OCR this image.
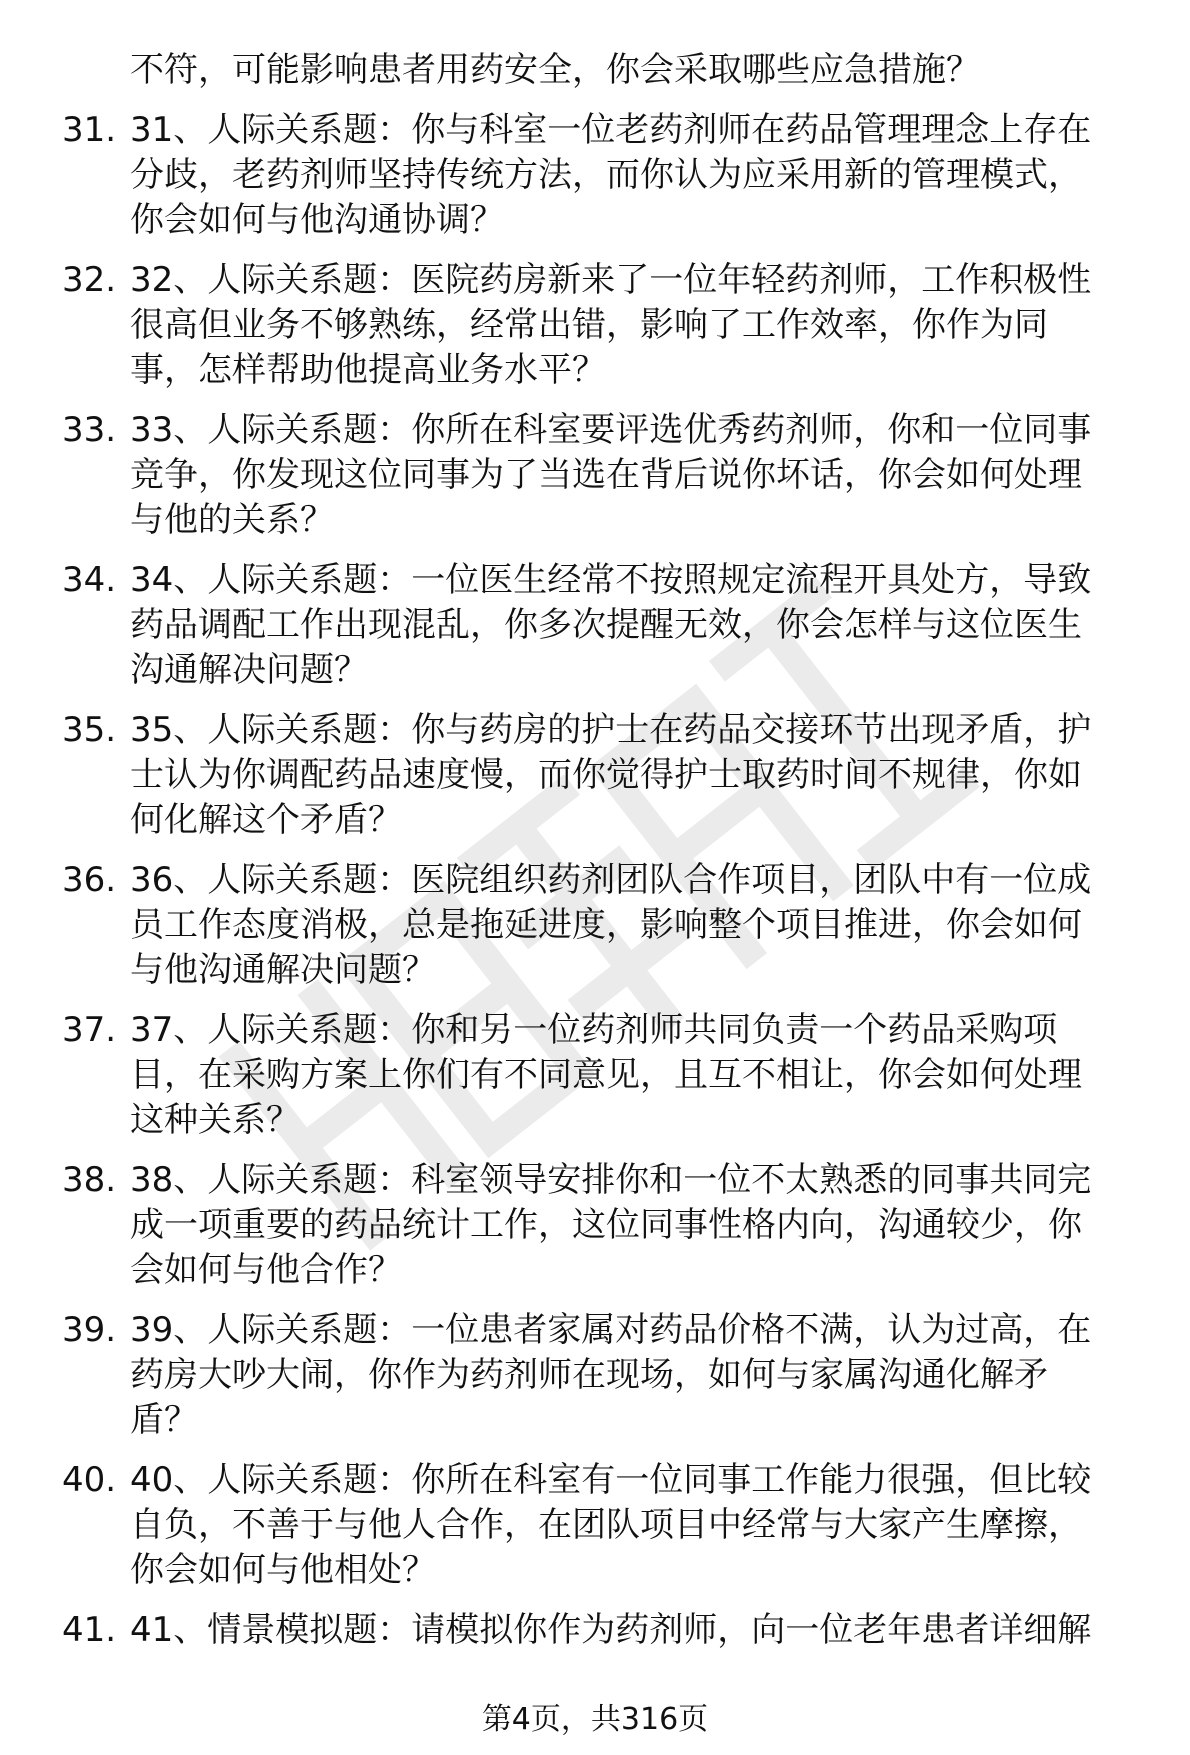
不符，可能影响患者用药安全，你会采取哪些应急措施？
31. 31、人际关系题：你与科室一位老药剂师在药品管理理念上存在
分歧，老药剂师坚持传统方法，而你认为应采用新的管理模式，
你会如何与他沟通协调？
32. 32、人际关系题：医院药房新来了一位年轻药剂师，工作积极性
很高但业务不够熟练，经常出错，影响了工作效率，你作为同
事，怎样帮助他提高业务水平？
33. 33、人际关系题：你所在科室要评选优秀药剂师，你和一位同事
竞争，你发现这位同事为了当选在背后说你坏话，你会如何处理
与他的关系？
34. 34、人际关系题：一位医生经常不按照规定流程开具处方，导致
药品调配工作出现混乱，你多次提醒无效，你会怎样与这位医生
沟通解决问题？
35. 35、人际关系题：你与药房的护士在药品交接环节出现矛盾，护
士认为你调配药品速度慢，而你觉得护士取药时间不规律，你如
何化解这个矛盾？
36. 36、人际关系题：医院组织药剂团队合作项目，团队中有一位成
员工作态度消极，总是拖延进度，影响整个项目推进，你会如何
与他沟通解决问题？
37. 37、人际关系题：你和另一位药剂师共同负责一个药品采购项
目，在采购方案上你们有不同意见，且互不相让，你会如何处理
这种关系？
38. 38、人际关系题：科室领导安排你和一位不太熟悉的同事共同完
成一项重要的药品统计工作，这位同事性格内向，沟通较少，你
会如何与他合作？
39. 39、人际关系题：一位患者家属对药品价格不满，认为过高，在
药房大吵大闹，你作为药剂师在现场，如何与家属沟通化解矛
盾？
40. 40、人际关系题：你所在科室有一位同事工作能力很强，但比较
自负，不善于与他人合作，在团队项目中经常与大家产生摩擦，
你会如何与他相处？
41. 41、情景模拟题：请模拟你作为药剂师，向一位老年患者详细解
第4页，共316页
